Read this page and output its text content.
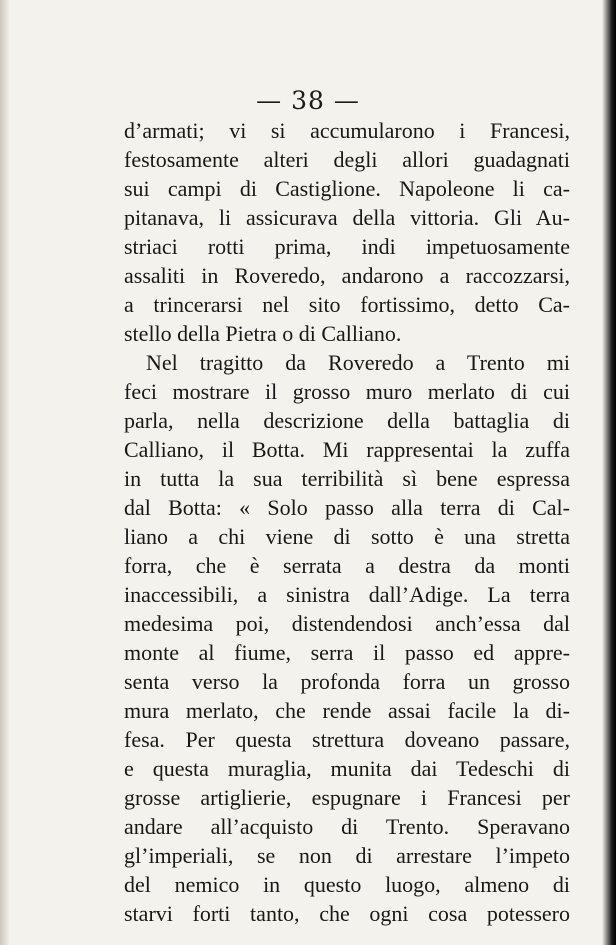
— 38 —
d’armati; vi si accumularono i Francesi,
festosamente alteri degli allori guadagnati
sui campi di Castiglione. Napoleone li ca-
pitanava, li assicurava della vittoria. Gli Au-
striaci rotti prima, indi impetuosamente
assaliti in Roveredo, andarono a raccozzarsi,
a trincerarsi nel sito fortissimo, detto Ca-
stello della Pietra o di Calliano.
Nel tragitto da Roveredo a Trento mi
feci mostrare il grosso muro merlato di cui
parla, nella descrizione della battaglia di
Calliano, il Botta. Mi rappresentai la zuffa
in tutta la sua terribilità sì bene espressa
dal Botta: « Solo passo alla terra di Cal-
liano a chi viene di sotto è una stretta
forra, che è serrata a destra da monti
inaccessibili, a sinistra dall’Adige. La terra
medesima poi, distendendosi anch’essa dal
monte al fiume, serra il passo ed appre-
senta verso la profonda forra un grosso
mura merlato, che rende assai facile la di-
fesa. Per questa strettura doveano passare,
e questa muraglia, munita dai Tedeschi di
grosse artiglierie, espugnare i Francesi per
andare all’acquisto di Trento. Speravano
gl’imperiali, se non di arrestare l’impeto
del nemico in questo luogo, almeno di
starvi forti tanto, che ogni cosa potessero
